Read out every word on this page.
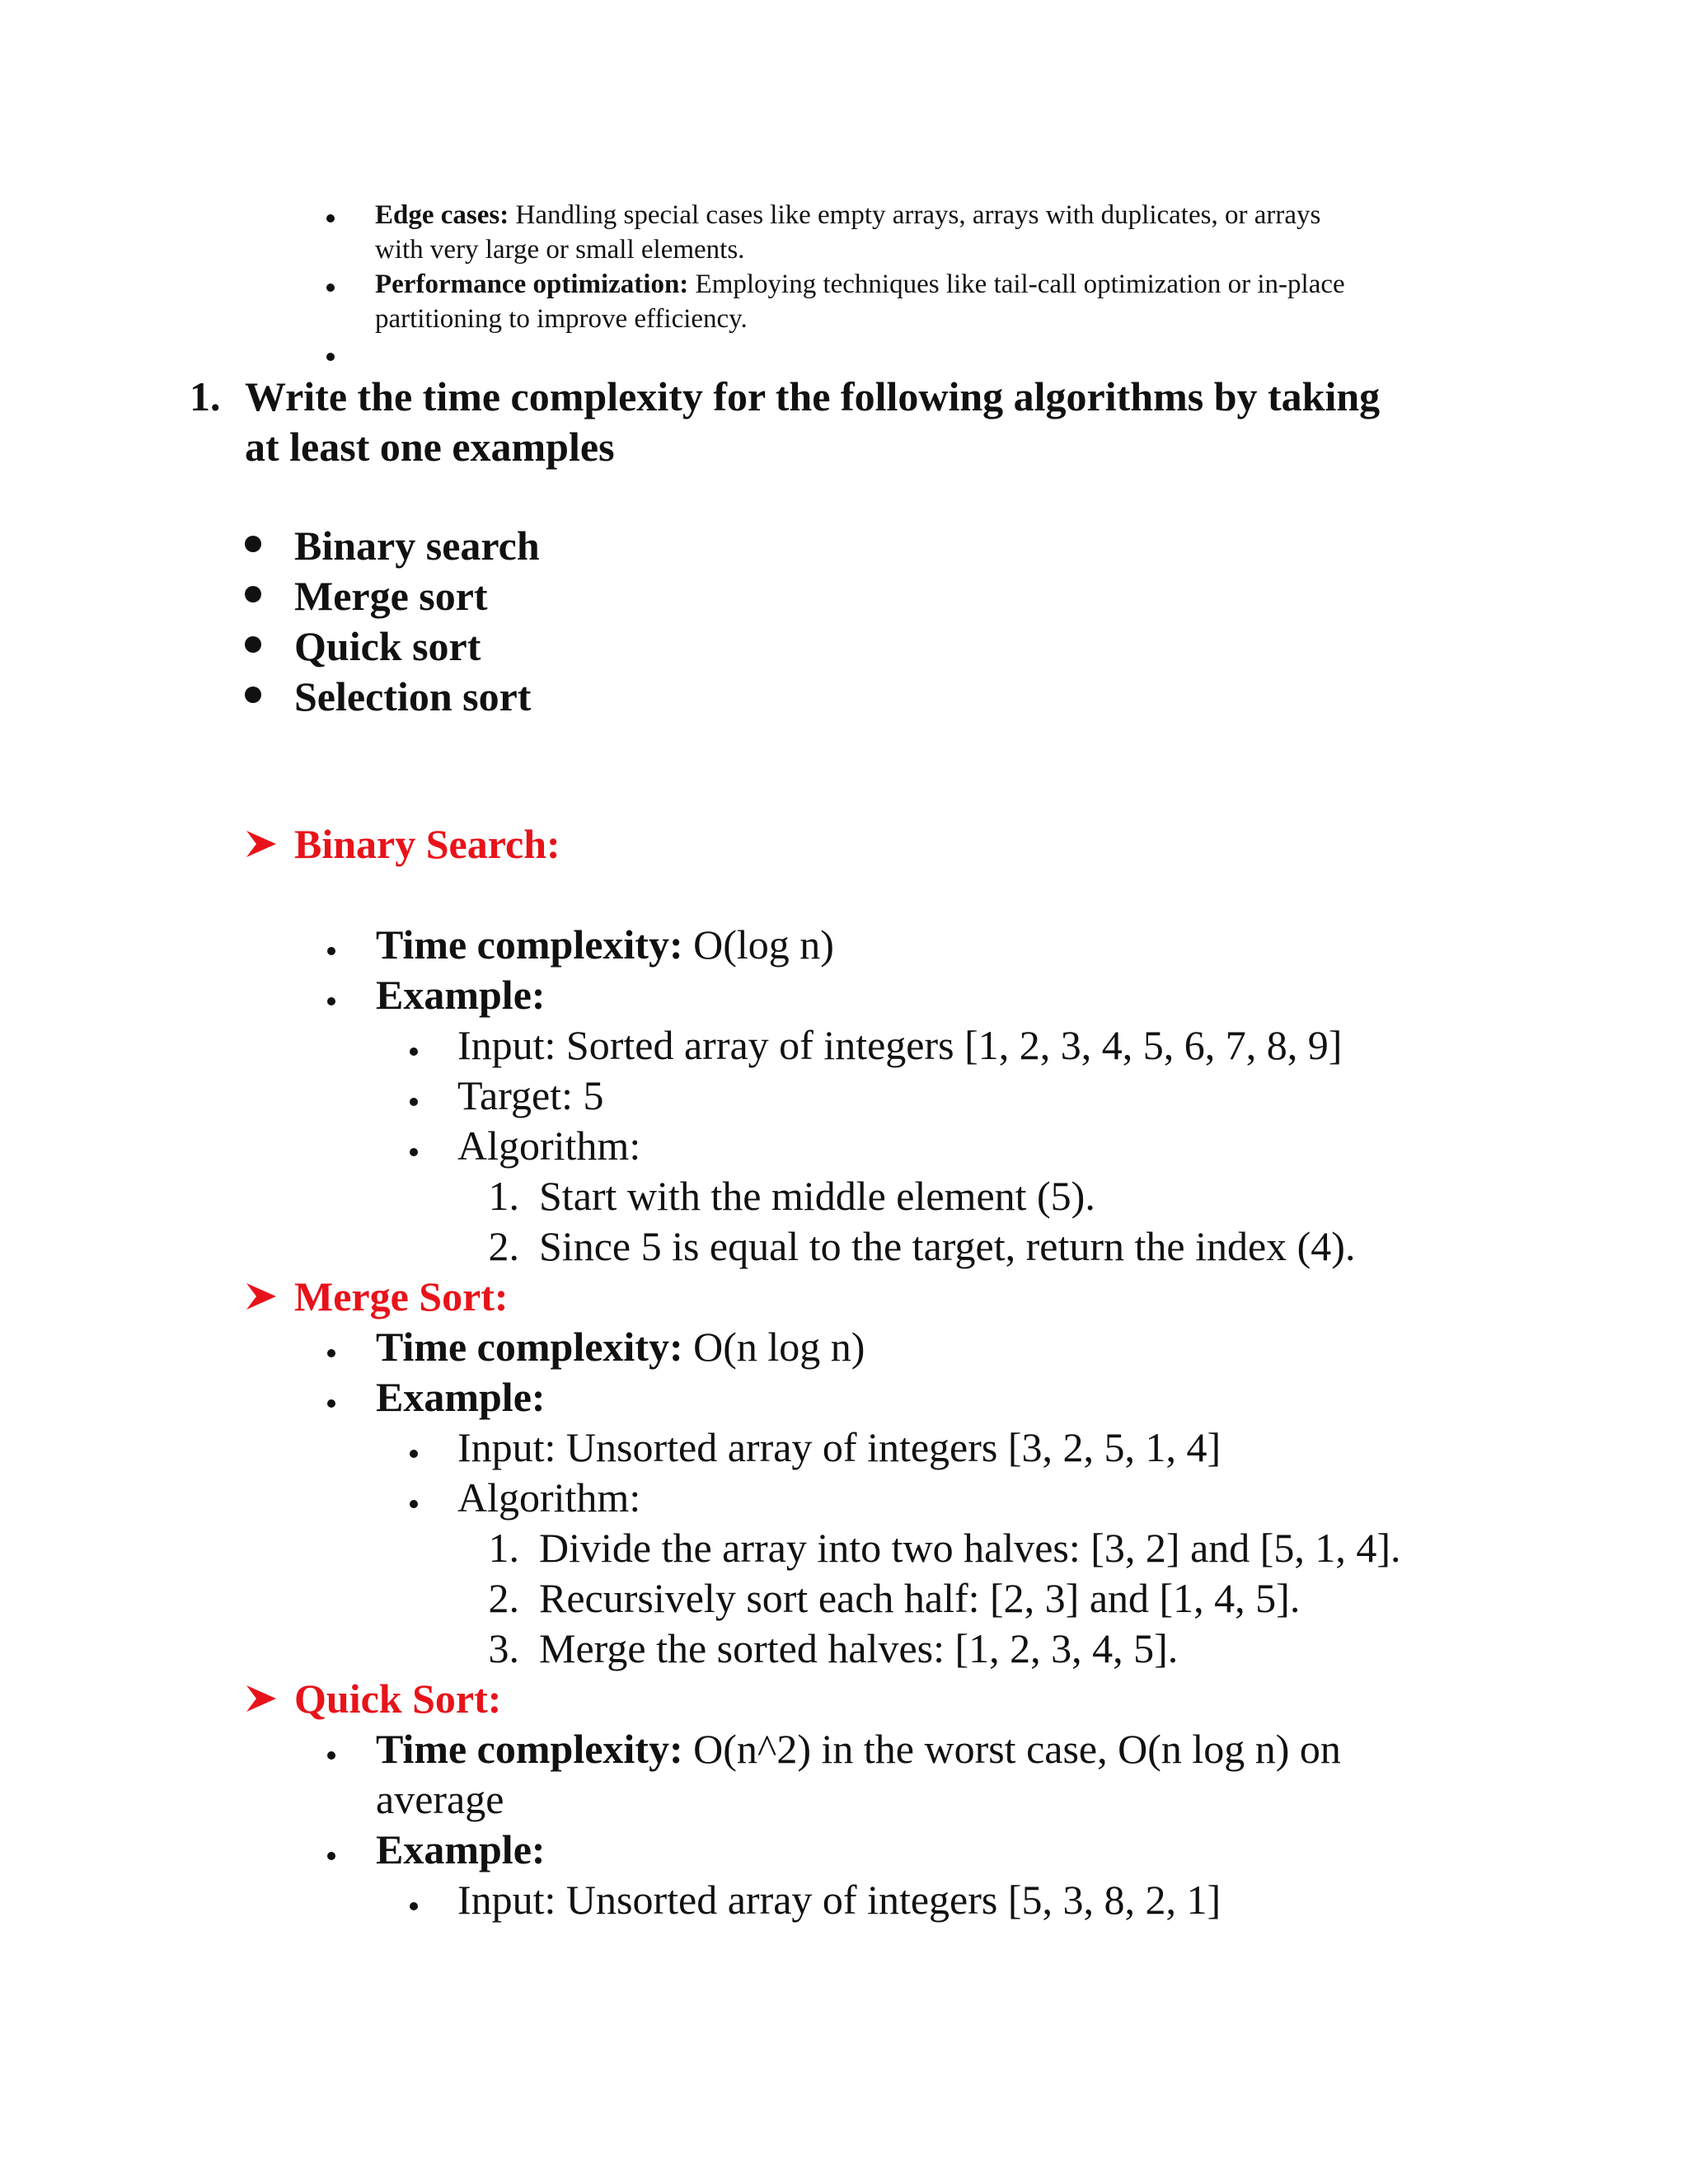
Edge cases: Handling special cases like empty arrays, arrays with duplicates, or arrays
with very large or small elements.
Performance optimization: Employing techniques like tail-call optimization or in-place
partitioning to improve efficiency.
1. Write the time complexity for the following algorithms by taking
at least one examples
Binary search
Merge sort
Quick sort
Selection sort
Binary Search:
Time complexity: O(log n)
Example:
Input: Sorted array of integers [1, 2, 3, 4, 5, 6, 7, 8, 9]
Target: 5
Algorithm:
1. Start with the middle element (5).
2. Since 5 is equal to the target, return the index (4).
Merge Sort:
Time complexity: O(n log n)
Example:
Input: Unsorted array of integers [3, 2, 5, 1, 4]
Algorithm:
1. Divide the array into two halves: [3, 2] and [5, 1, 4].
2. Recursively sort each half: [2, 3] and [1, 4, 5].
3. Merge the sorted halves: [1, 2, 3, 4, 5].
Quick Sort:
Time complexity: O(n^2) in the worst case, O(n log n) on
average
Example:
Input: Unsorted array of integers [5, 3, 8, 2, 1]
